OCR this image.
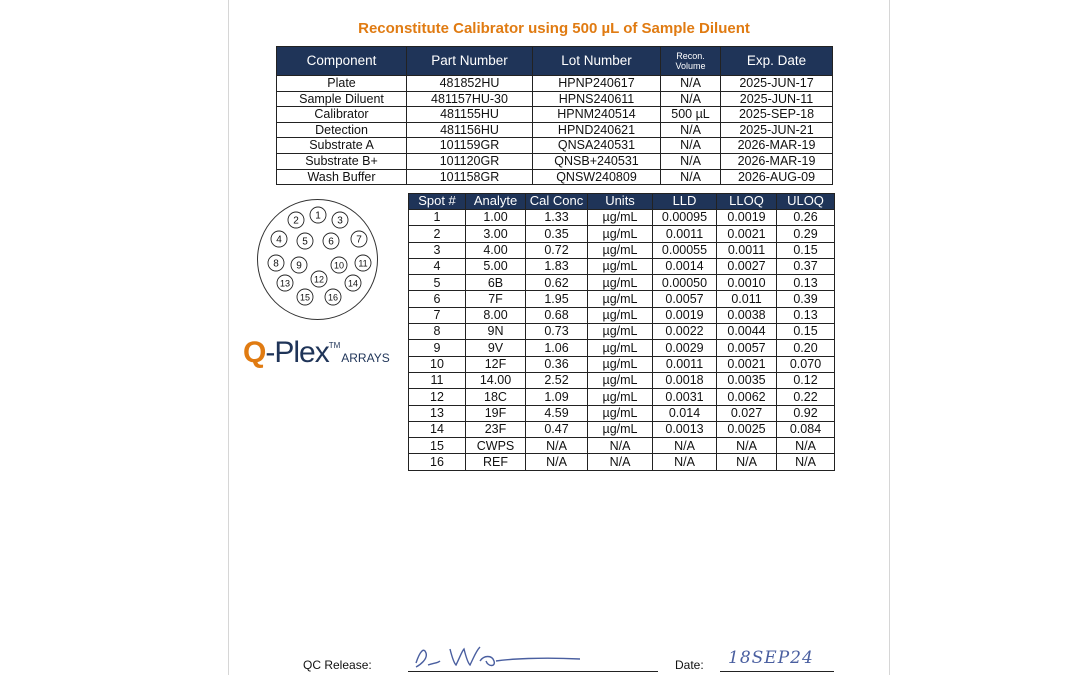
Reconstitute Calibrator using 500 µL of Sample Diluent
Component	Part Number	Lot Number	Recon. Volume	Exp. Date
Plate	481852HU	HPNP240617	N/A	2025-JUN-17
Sample Diluent	481157HU-30	HPNS240611	N/A	2025-JUN-11
Calibrator	481155HU	HPNM240514	500 µL	2025-SEP-18
Detection	481156HU	HPND240621	N/A	2025-JUN-21
Substrate A	101159GR	QNSA240531	N/A	2026-MAR-19
Substrate B+	101120GR	QNSB+240531	N/A	2026-MAR-19
Wash Buffer	101158GR	QNSW240809	N/A	2026-AUG-09
Spot #	Analyte	Cal Conc	Units	LLD	LLOQ	ULOQ
1	1.00	1.33	µg/mL	0.00095	0.0019	0.26
2	3.00	0.35	µg/mL	0.0011	0.0021	0.29
3	4.00	0.72	µg/mL	0.00055	0.0011	0.15
4	5.00	1.83	µg/mL	0.0014	0.0027	0.37
5	6B	0.62	µg/mL	0.00050	0.0010	0.13
6	7F	1.95	µg/mL	0.0057	0.011	0.39
7	8.00	0.68	µg/mL	0.0019	0.0038	0.13
8	9N	0.73	µg/mL	0.0022	0.0044	0.15
9	9V	1.06	µg/mL	0.0029	0.0057	0.20
10	12F	0.36	µg/mL	0.0011	0.0021	0.070
11	14.00	2.52	µg/mL	0.0018	0.0035	0.12
12	18C	1.09	µg/mL	0.0031	0.0062	0.22
13	19F	4.59	µg/mL	0.014	0.027	0.92
14	23F	0.47	µg/mL	0.0013	0.0025	0.084
15	CWPS	N/A	N/A	N/A	N/A	N/A
16	REF	N/A	N/A	N/A	N/A	N/A
1
2	3
4 5 6 7
8 9	10 11
12
13	14
15 16
Q-Plex™ARRAYS
QC Release:	Date: 18SEP24
